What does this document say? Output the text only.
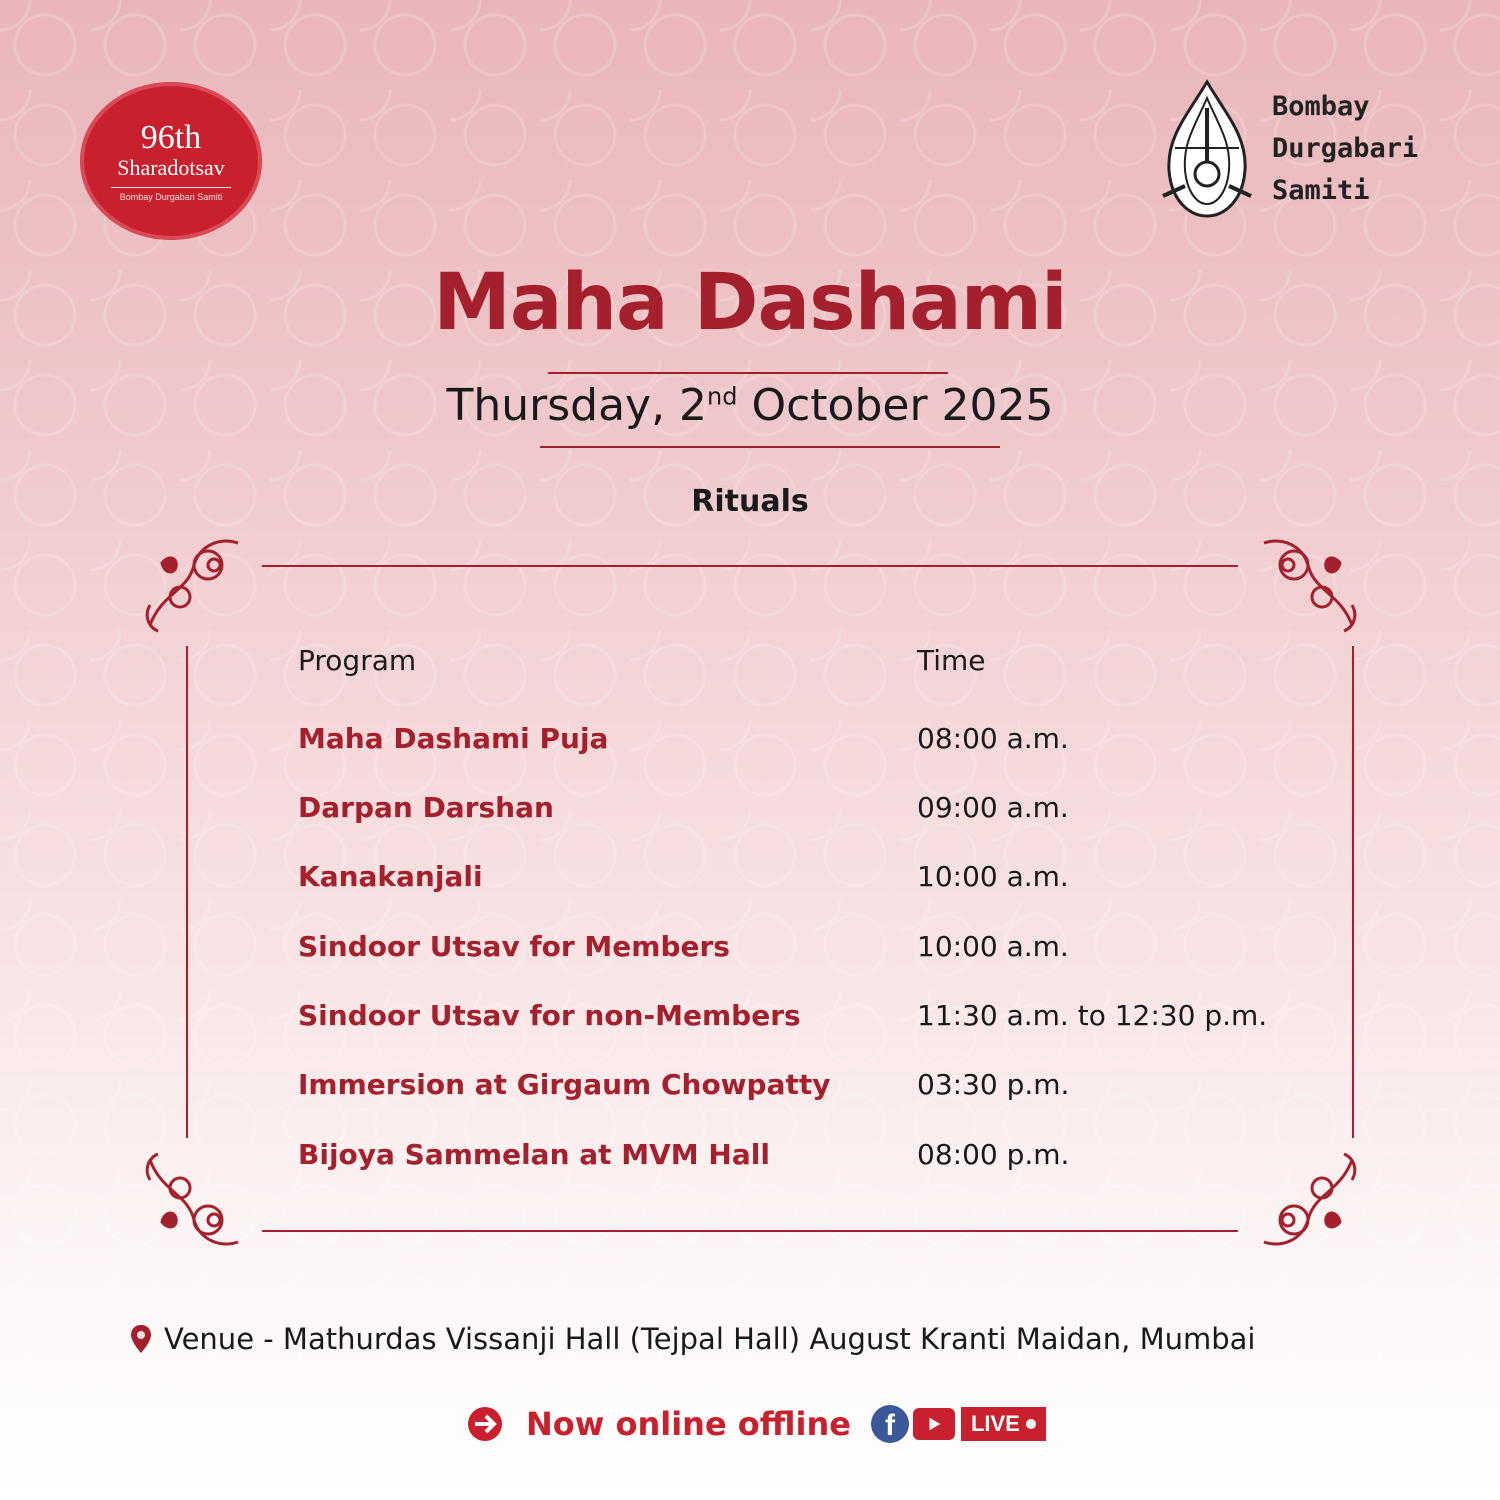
96th
Sharadotsav
Bombay Durgabari Samiti
Bombay
Durgabari
Samiti
Maha Dashami
Thursday, 2nd October 2025
Rituals
Program	Time
Maha Dashami Puja	08:00 a.m.
Darpan Darshan	09:00 a.m.
Kanakanjali	10:00 a.m.
Sindoor Utsav for Members	10:00 a.m.
Sindoor Utsav for non-Members	11:30 a.m. to 12:30 p.m.
Immersion at Girgaum Chowpatty	03:30 p.m.
Bijoya Sammelan at MVM Hall	08:00 p.m.
Venue - Mathurdas Vissanji Hall (Tejpal Hall) August Kranti Maidan, Mumbai
Now online offline f	LIVE
